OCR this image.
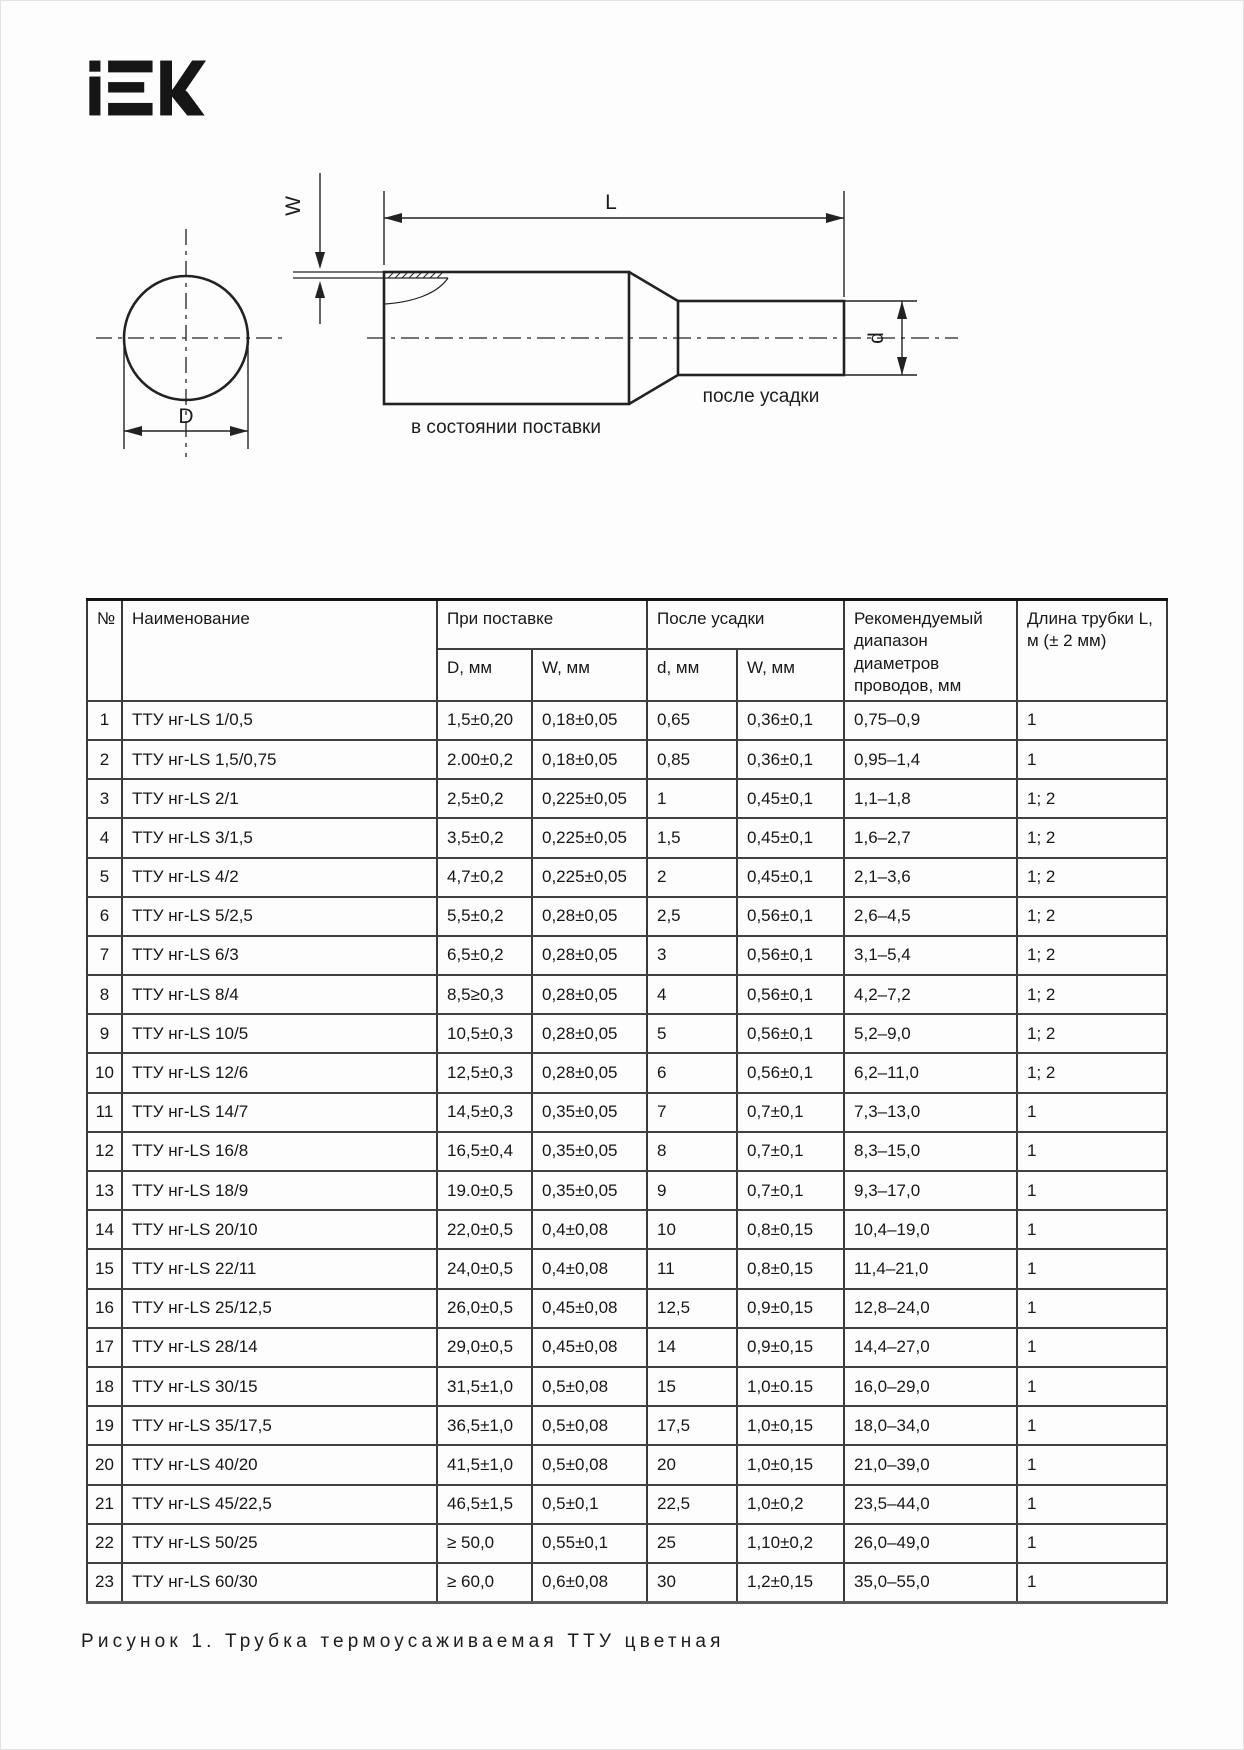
L
W
D
d
в состоянии поставки
после усадки
№	Наименование	При поставке		После усадки		Рекомендуемый диапазон диаметров проводов, мм	Длина трубки L, м (± 2 мм)
		D, мм	W, мм	d, мм	W, мм		
1	ТТУ нг-LS 1/0,5	1,5±0,20	0,18±0,05	0,65	0,36±0,1	0,75–0,9	1
2	ТТУ нг-LS 1,5/0,75	2.00±0,2	0,18±0,05	0,85	0,36±0,1	0,95–1,4	1
3	ТТУ нг-LS 2/1	2,5±0,2	0,225±0,05	1	0,45±0,1	1,1–1,8	1; 2
4	ТТУ нг-LS 3/1,5	3,5±0,2	0,225±0,05	1,5	0,45±0,1	1,6–2,7	1; 2
5	ТТУ нг-LS 4/2	4,7±0,2	0,225±0,05	2	0,45±0,1	2,1–3,6	1; 2
6	ТТУ нг-LS 5/2,5	5,5±0,2	0,28±0,05	2,5	0,56±0,1	2,6–4,5	1; 2
7	ТТУ нг-LS 6/3	6,5±0,2	0,28±0,05	3	0,56±0,1	3,1–5,4	1; 2
8	ТТУ нг-LS 8/4	8,5≥0,3	0,28±0,05	4	0,56±0,1	4,2–7,2	1; 2
9	ТТУ нг-LS 10/5	10,5±0,3	0,28±0,05	5	0,56±0,1	5,2–9,0	1; 2
10	ТТУ нг-LS 12/6	12,5±0,3	0,28±0,05	6	0,56±0,1	6,2–11,0	1; 2
11	ТТУ нг-LS 14/7	14,5±0,3	0,35±0,05	7	0,7±0,1	7,3–13,0	1
12	ТТУ нг-LS 16/8	16,5±0,4	0,35±0,05	8	0,7±0,1	8,3–15,0	1
13	ТТУ нг-LS 18/9	19.0±0,5	0,35±0,05	9	0,7±0,1	9,3–17,0	1
14	ТТУ нг-LS 20/10	22,0±0,5	0,4±0,08	10	0,8±0,15	10,4–19,0	1
15	ТТУ нг-LS 22/11	24,0±0,5	0,4±0,08	11	0,8±0,15	11,4–21,0	1
16	ТТУ нг-LS 25/12,5	26,0±0,5	0,45±0,08	12,5	0,9±0,15	12,8–24,0	1
17	ТТУ нг-LS 28/14	29,0±0,5	0,45±0,08	14	0,9±0,15	14,4–27,0	1
18	ТТУ нг-LS 30/15	31,5±1,0	0,5±0,08	15	1,0±0.15	16,0–29,0	1
19	ТТУ нг-LS 35/17,5	36,5±1,0	0,5±0,08	17,5	1,0±0,15	18,0–34,0	1
20	ТТУ нг-LS 40/20	41,5±1,0	0,5±0,08	20	1,0±0,15	21,0–39,0	1
21	ТТУ нг-LS 45/22,5	46,5±1,5	0,5±0,1	22,5	1,0±0,2	23,5–44,0	1
22	ТТУ нг-LS 50/25	≥ 50,0	0,55±0,1	25	1,10±0,2	26,0–49,0	1
23	ТТУ нг-LS 60/30	≥ 60,0	0,6±0,08	30	1,2±0,15	35,0–55,0	1
Рисунок 1. Трубка термоусаживаемая ТТУ цветная
